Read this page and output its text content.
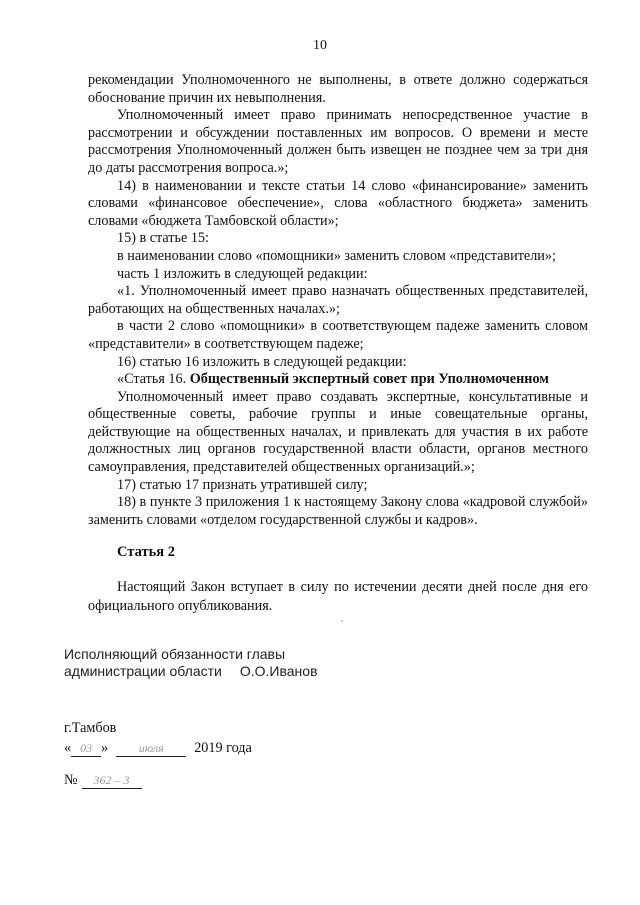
10

рекомендации Уполномоченного не выполнены, в ответе должно содержаться обоснование причин их невыполнения.

Уполномоченный имеет право принимать непосредственное участие в рассмотрении и обсуждении поставленных им вопросов. О времени и месте рассмотрения Уполномоченный должен быть извещен не позднее чем за три дня до даты рассмотрения вопроса.»;

14) в наименовании и тексте статьи 14 слово «финансирование» заменить словами «финансовое обеспечение», слова «областного бюджета» заменить словами «бюджета Тамбовской области»;

15) в статье 15:

в наименовании слово «помощники» заменить словом «представители»;

часть 1 изложить в следующей редакции:

«1. Уполномоченный имеет право назначать общественных представителей, работающих на общественных началах.»;

в части 2 слово «помощники» в соответствующем падеже заменить словом «представители» в соответствующем падеже;

16) статью 16 изложить в следующей редакции:

«Статья 16. Общественный экспертный совет при Уполномоченном

Уполномоченный имеет право создавать экспертные, консультативные и общественные советы, рабочие группы и иные совещательные органы, действующие на общественных началах, и привлекать для участия в их работе должностных лиц органов государственной власти области, органов местного самоуправления, представителей общественных организаций.»;

17) статью 17 признать утратившей силу;

18) в пункте 3 приложения 1 к настоящему Закону слова «кадровой службой» заменить словами «отделом государственной службы и кадров».

Статья 2
Настоящий Закон вступает в силу по истечении десяти дней после дня его официального опубликования.
Исполняющий обязанности главы
администрации области О.О.Иванов
г.Тамбов
« 03 »	июля 2019 года
№ 362 – 3
